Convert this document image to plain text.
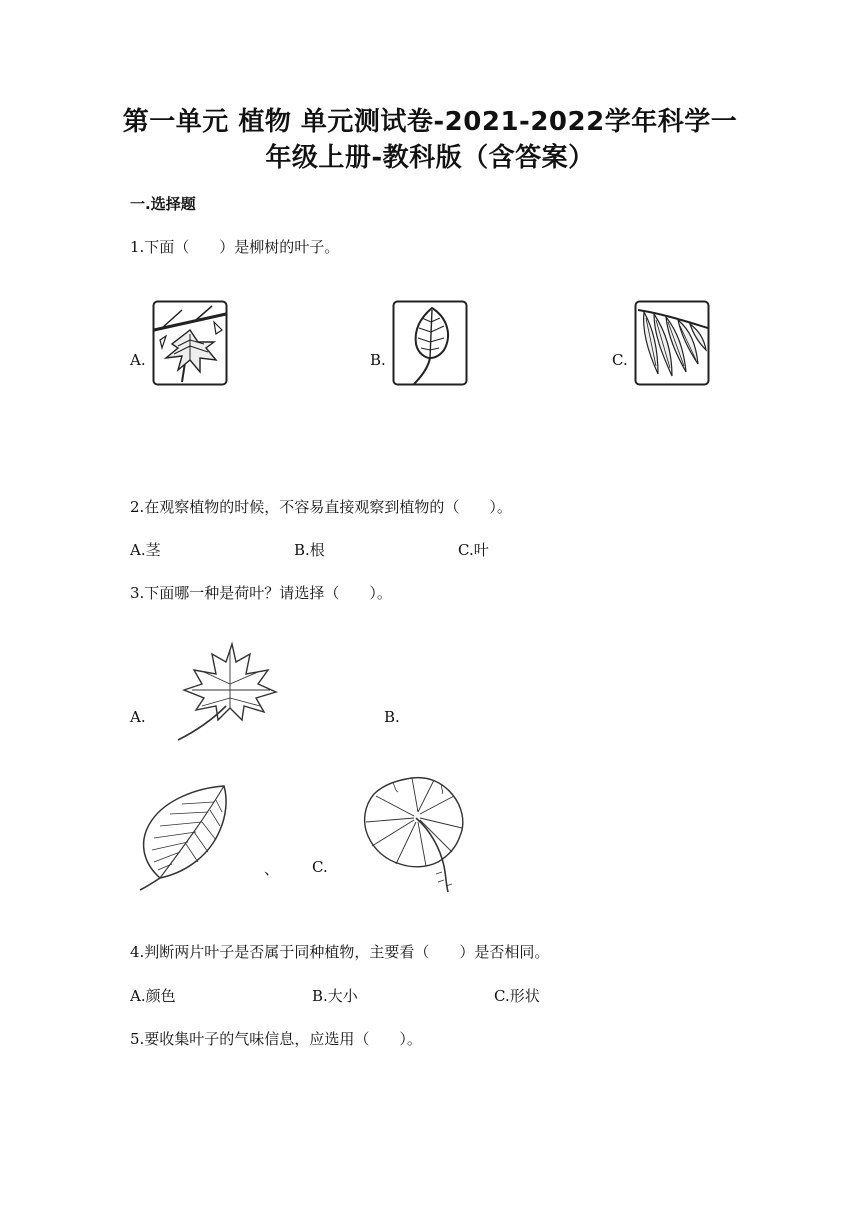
第一单元 植物 单元测试卷-2021-2022学年科学一
年级上册-教科版（含答案）
一.选择题
1.下面（　　）是柳树的叶子。
A.	B.	C.
2.在观察植物的时候，不容易直接观察到植物的（　　）。
A.茎	B.根	C.叶
3.下面哪一种是荷叶？请选择（　　）。
A.	B.
、 C.
4.判断两片叶子是否属于同种植物，主要看（　　）是否相同。
A.颜色	B.大小	C.形状
5.要收集叶子的气味信息，应选用（　　）。
